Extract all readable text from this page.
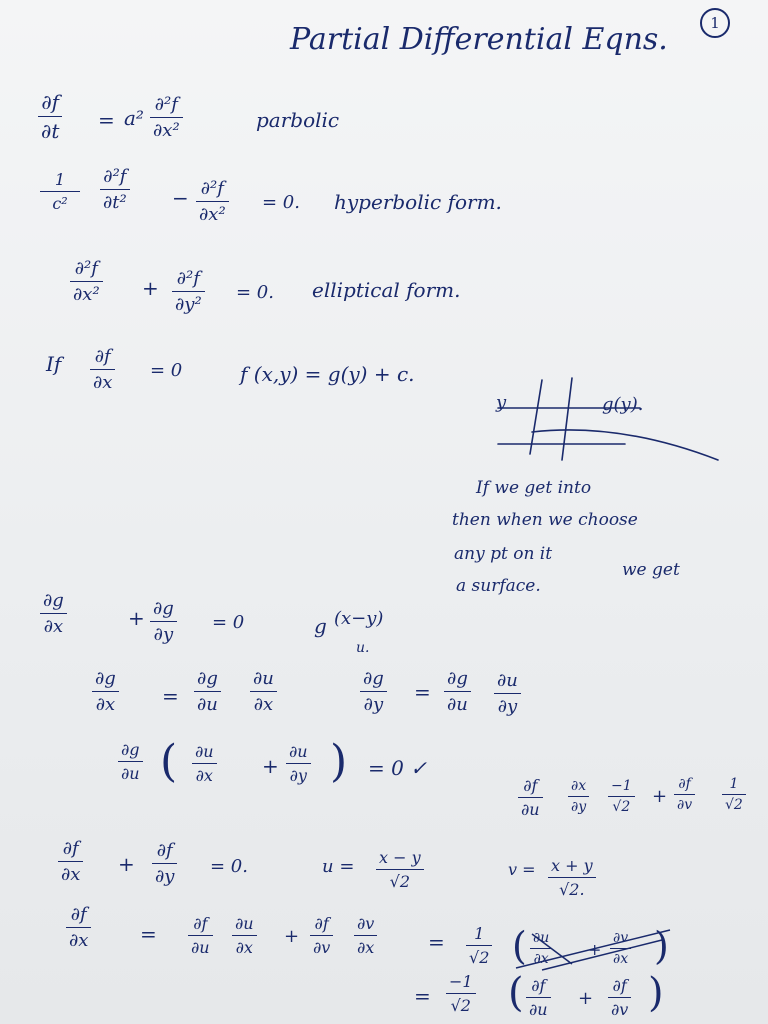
Partial Differential Eqns.	1
∂f
∂t = a²
∂²f
∂x²	parbolic
1
c²
∂²f
∂t² − ∂²f
∂x²
= 0. hyperbolic form.
∂²f
∂x² + ∂²f
∂y²
= 0. elliptical form.
If ∂f
∂x
= 0	f (x,y) = g(y) + c.
y	g(y).
If we get into
then when we choose
any pt on it
we get
a surface.
∂g
∂x	+ ∂g
∂y
= 0	g (x−y)
u.
∂g
∂x =
∂g
∂u
∂u
∂x
∂g
∂y
=
∂g
∂u
∂u
∂y
∂g
∂u ( ∂u
∂x +
∂u
∂y ) = 0 ✓
∂f
∂u
∂x
∂y
−1
√2 +
∂f
∂v
1
√2
∂f
∂x +
∂f
∂y = 0.	u = x − y
√2
v = x + y
√2.
∂f
∂x	= ∂f
∂u
∂u
∂x
+
∂f
∂v
∂v
∂x	= 1
√2 ( ∂u
∂x +
∂v
∂x )
=
−1
√2 ( ∂f
∂u
+
∂f
∂v )
